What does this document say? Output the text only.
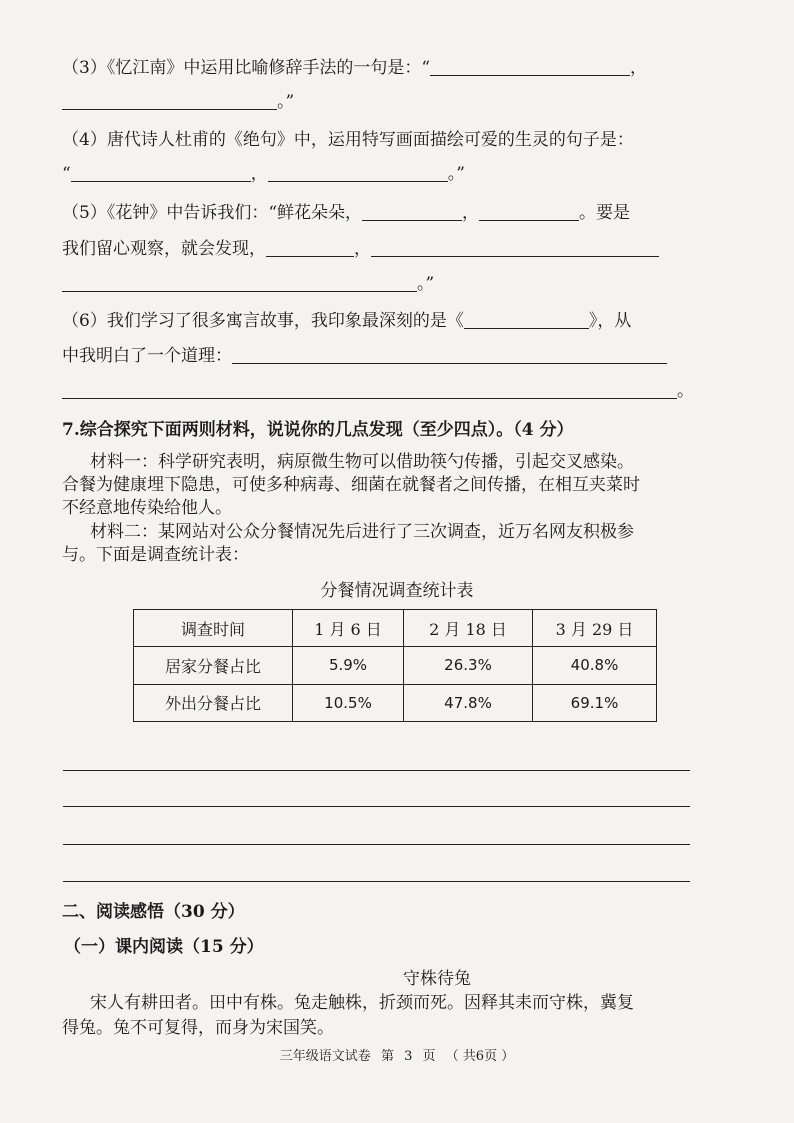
（3）《忆江南》中运用比喻修辞手法的一句是：“	，
。”
（4）唐代诗人杜甫的《绝句》中，运用特写画面描绘可爱的生灵的句子是：
“	，	。”
（5）《花钟》中告诉我们：“鲜花朵朵，	，	。要是
我们留心观察，就会发现，	，
。”
（6）我们学习了很多寓言故事，我印象最深刻的是《	》，从
中我明白了一个道理：
。
7.综合探究下面两则材料，说说你的几点发现（至少四点）。（4 分）
材料一：科学研究表明，病原微生物可以借助筷勺传播，引起交叉感染。
合餐为健康埋下隐患，可使多种病毒、细菌在就餐者之间传播，在相互夹菜时
不经意地传染给他人。
材料二：某网站对公众分餐情况先后进行了三次调查，近万名网友积极参
与。下面是调查统计表：
分餐情况调查统计表
调查时间	1 月 6 日	2 月 18 日	3 月 29 日
居家分餐占比	5.9%	26.3%	40.8%
外出分餐占比	10.5%	47.8%	69.1%
二、阅读感悟（30 分）
（一）课内阅读（15 分）
守株待兔
宋人有耕田者。田中有株。兔走触株，折颈而死。因释其耒而守株，冀复
得兔。兔不可复得，而身为宋国笑。
三年级语文试卷 第 3 页 （ 共6页 ）
